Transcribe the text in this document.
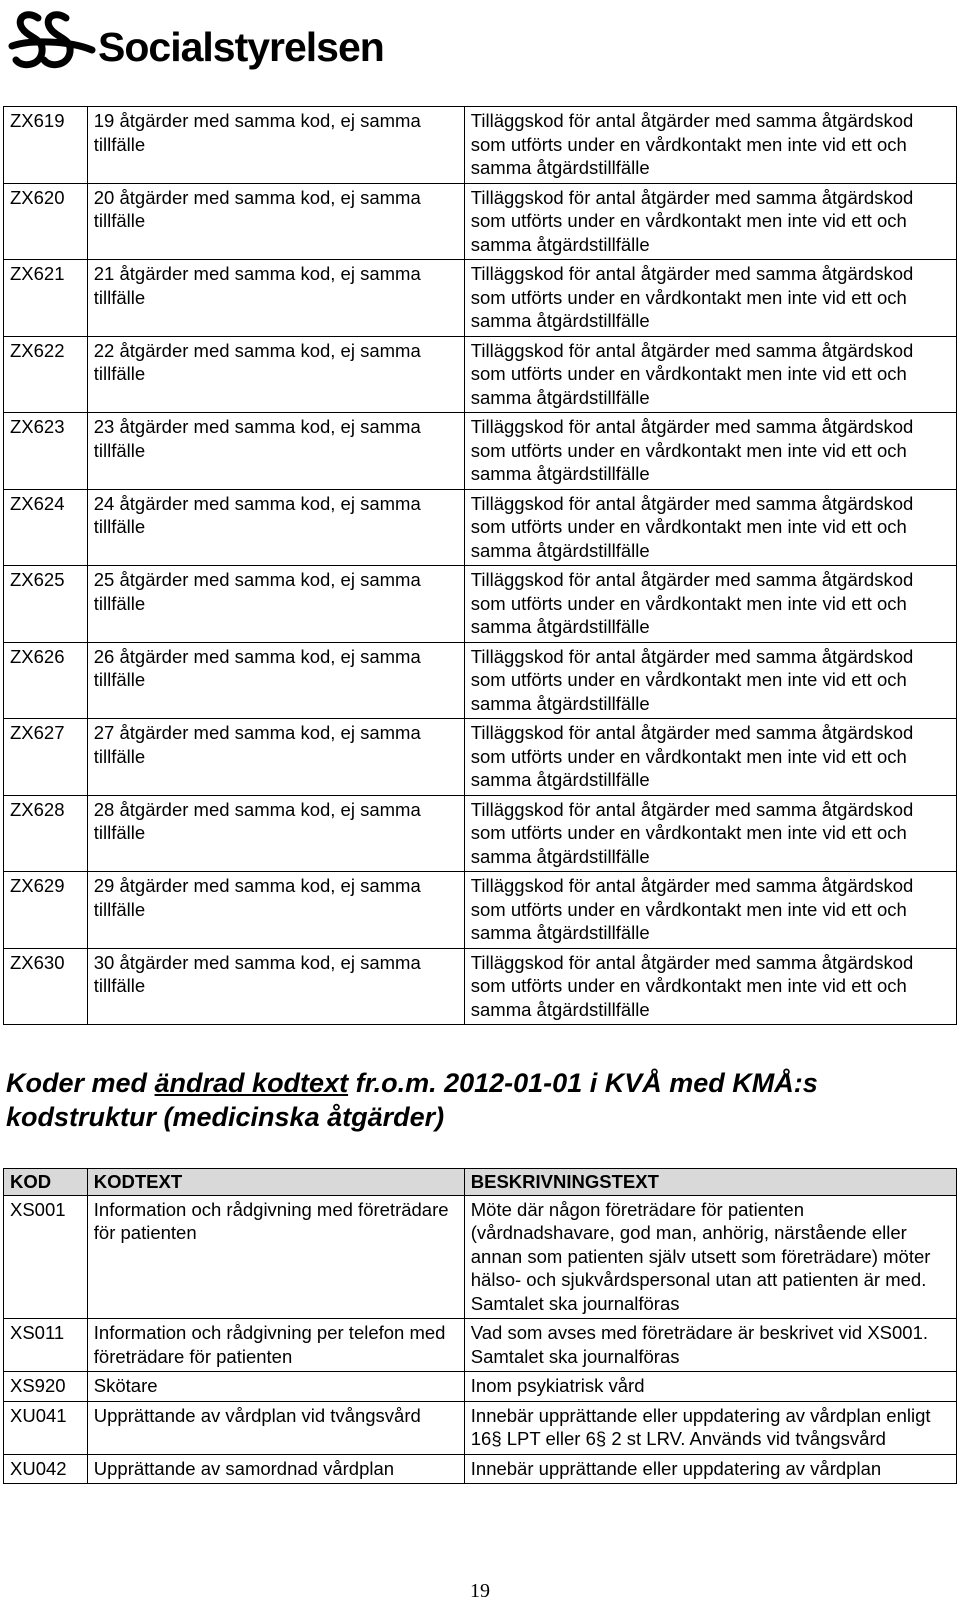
Socialstyrelsen
ZX619	19 åtgärder med samma kod, ej samma tillfälle	Tilläggskod för antal åtgärder med samma åtgärdskod som utförts under en vårdkontakt men inte vid ett och samma åtgärdstillfälle
ZX620	20 åtgärder med samma kod, ej samma tillfälle	Tilläggskod för antal åtgärder med samma åtgärdskod som utförts under en vårdkontakt men inte vid ett och samma åtgärdstillfälle
ZX621	21 åtgärder med samma kod, ej samma tillfälle	Tilläggskod för antal åtgärder med samma åtgärdskod som utförts under en vårdkontakt men inte vid ett och samma åtgärdstillfälle
ZX622	22 åtgärder med samma kod, ej samma tillfälle	Tilläggskod för antal åtgärder med samma åtgärdskod som utförts under en vårdkontakt men inte vid ett och samma åtgärdstillfälle
ZX623	23 åtgärder med samma kod, ej samma tillfälle	Tilläggskod för antal åtgärder med samma åtgärdskod som utförts under en vårdkontakt men inte vid ett och samma åtgärdstillfälle
ZX624	24 åtgärder med samma kod, ej samma tillfälle	Tilläggskod för antal åtgärder med samma åtgärdskod som utförts under en vårdkontakt men inte vid ett och samma åtgärdstillfälle
ZX625	25 åtgärder med samma kod, ej samma tillfälle	Tilläggskod för antal åtgärder med samma åtgärdskod som utförts under en vårdkontakt men inte vid ett och samma åtgärdstillfälle
ZX626	26 åtgärder med samma kod, ej samma tillfälle	Tilläggskod för antal åtgärder med samma åtgärdskod som utförts under en vårdkontakt men inte vid ett och samma åtgärdstillfälle
ZX627	27 åtgärder med samma kod, ej samma tillfälle	Tilläggskod för antal åtgärder med samma åtgärdskod som utförts under en vårdkontakt men inte vid ett och samma åtgärdstillfälle
ZX628	28 åtgärder med samma kod, ej samma tillfälle	Tilläggskod för antal åtgärder med samma åtgärdskod som utförts under en vårdkontakt men inte vid ett och samma åtgärdstillfälle
ZX629	29 åtgärder med samma kod, ej samma tillfälle	Tilläggskod för antal åtgärder med samma åtgärdskod som utförts under en vårdkontakt men inte vid ett och samma åtgärdstillfälle
ZX630	30 åtgärder med samma kod, ej samma tillfälle	Tilläggskod för antal åtgärder med samma åtgärdskod som utförts under en vårdkontakt men inte vid ett och samma åtgärdstillfälle
Koder med ändrad kodtext fr.o.m. 2012-01-01 i KVÅ med KMÅ:s kodstruktur (medicinska åtgärder)
KOD	KODTEXT	BESKRIVNINGSTEXT
XS001	Information och rådgivning med företrädare för patienten	Möte där någon företrädare för patienten (vårdnadshavare, god man, anhörig, närstående eller annan som patienten själv utsett som företrädare) möter hälso- och sjukvårdspersonal utan att patienten är med. Samtalet ska journalföras
XS011	Information och rådgivning per telefon med företrädare för patienten	Vad som avses med företrädare är beskrivet vid XS001. Samtalet ska journalföras
XS920	Skötare	Inom psykiatrisk vård
XU041	Upprättande av vårdplan vid tvångsvård	Innebär upprättande eller uppdatering av vårdplan enligt 16§ LPT eller 6§ 2 st LRV. Används vid tvångsvård
XU042	Upprättande av samordnad vårdplan	Innebär upprättande eller uppdatering av vårdplan
19
